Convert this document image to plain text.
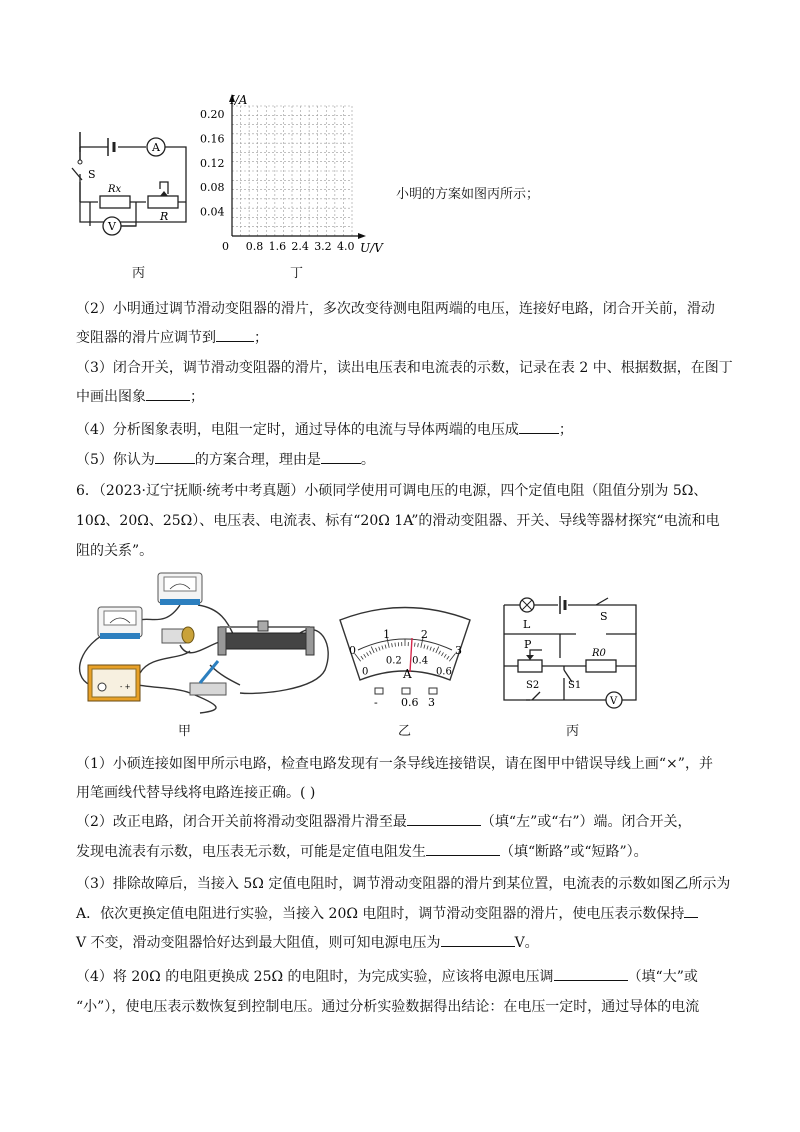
A
V
S
Rx
R
丙
0.04
0.08
0.12
0.16
0.20
0.8 1.6 2.4 3.2 4.0
I/A
U/V
0
丁
小明的方案如图丙所示；
（2）小明通过调节滑动变阻器的滑片，多次改变待测电阻两端的电压，连接好电路，闭合开关前，滑动
变阻器的滑片应调节到	；
（3）闭合开关，调节滑动变阻器的滑片，读出电压表和电流表的示数，记录在表 2 中、根据数据，在图丁
中画出图象	；
（4）分析图象表明，电阻一定时，通过导体的电流与导体两端的电压成	；
（5）你认为	的方案合理，理由是	。
6．（2023·辽宁抚顺·统考中考真题）小硕同学使用可调电压的电源，四个定值电阻（阻值分别为 5Ω、
10Ω、20Ω、25Ω）、电压表、电流表、标有“20Ω 1A”的滑动变阻器、开关、导线等器材探究“电流和电
阻的关系”。
- +
甲
0
1	2
3
0
0.2 0.4
0.6
A
- 0.6 3
乙
L
S
P
R0
S1
S2
V
丙
（1）小硕连接如图甲所示电路，检查电路发现有一条导线连接错误，请在图甲中错误导线上画“×”，并
用笔画线代替导线将电路连接正确。( )
（2）改正电路，闭合开关前将滑动变阻器滑片滑至最	（填“左”或“右”）端。闭合开关，
发现电流表有示数，电压表无示数，可能是定值电阻发生	（填“断路”或“短路”）。
（3）排除故障后，当接入 5Ω 定值电阻时，调节滑动变阻器的滑片到某位置，电流表的示数如图乙所示为
A．依次更换定值电阻进行实验，当接入 20Ω 电阻时，调节滑动变阻器的滑片，使电压表示数保持
V 不变，滑动变阻器恰好达到最大阻值，则可知电源电压为	V。
（4）将 20Ω 的电阻更换成 25Ω 的电阻时，为完成实验，应该将电源电压调	（填“大”或
“小”），使电压表示数恢复到控制电压。通过分析实验数据得出结论：在电压一定时，通过导体的电流
